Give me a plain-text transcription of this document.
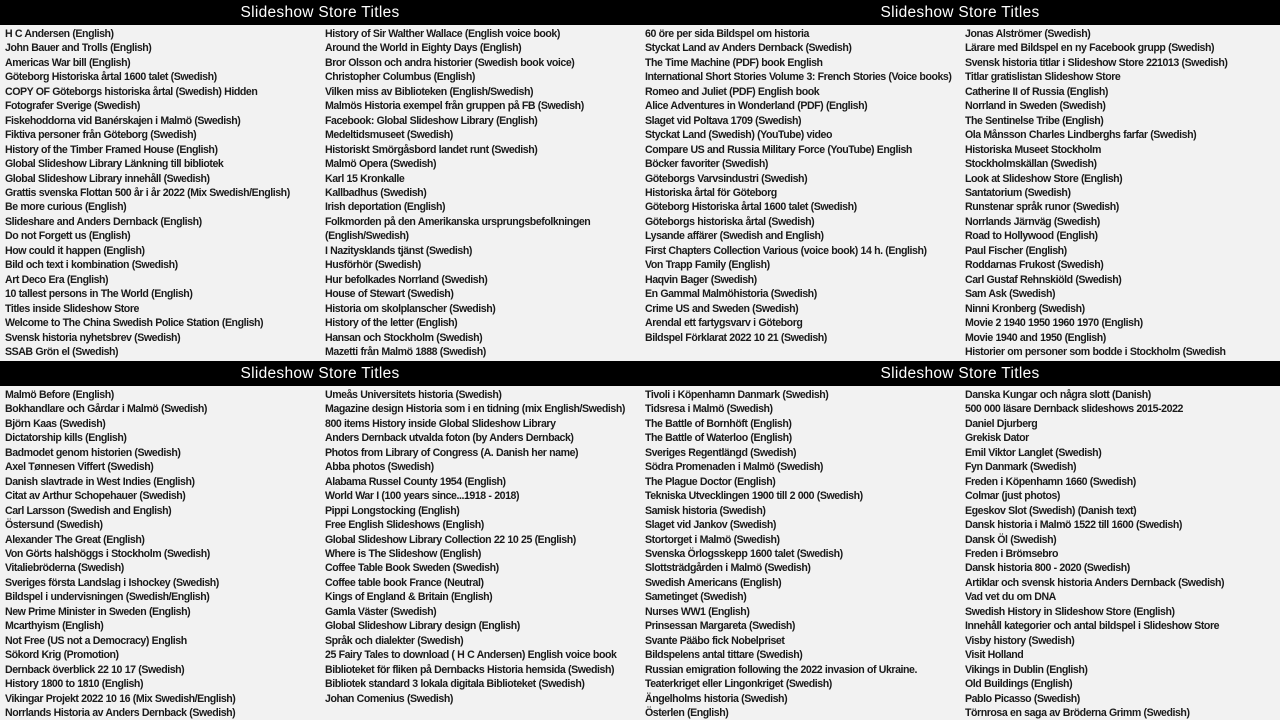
Slideshow Store Titles	Slideshow Store Titles
H C Andersen (English)
John Bauer and Trolls (English)
Americas War bill (English)
Göteborg Historiska årtal 1600 talet (Swedish)
COPY OF Göteborgs historiska årtal (Swedish) Hidden
Fotografer Sverige (Swedish)
Fiskehoddorna vid Banérskajen i Malmö (Swedish)
Fiktiva personer från Göteborg (Swedish)
History of the Timber Framed House (English)
Global Slideshow Library Länkning till bibliotek
Global Slideshow Library innehåll (Swedish)
Grattis svenska Flottan 500 år i år 2022 (Mix Swedish/English)
Be more curious (English)
Slideshare and Anders Dernback (English)
Do not Forgett us (English)
How could it happen (English)
Bild och text i kombination (Swedish)
Art Deco Era (English)
10 tallest persons in The World (English)
Titles inside Slideshow Store
Welcome to The China Swedish Police Station (English)
Svensk historia nyhetsbrev (Swedish)
SSAB Grön el (Swedish)
History of Sir Walther Wallace (English voice book)
Around the World in Eighty Days (English)
Bror Olsson och andra historier (Swedish book voice)
Christopher Columbus (English)
Vilken miss av Biblioteken (English/Swedish)
Malmös Historia exempel från gruppen på FB (Swedish)
Facebook: Global Slideshow Library (English)
Medeltidsmuseet (Swedish)
Historiskt Smörgåsbord landet runt (Swedish)
Malmö Opera (Swedish)
Karl 15 Kronkalle
Kallbadhus (Swedish)
Irish deportation (English)
Folkmorden på den Amerikanska ursprungsbefolkningen (English/Swedish)
I Nazitysklands tjänst (Swedish)
Husförhör (Swedish)
Hur befolkades Norrland (Swedish)
House of Stewart (Swedish)
Historia om skolplanscher (Swedish)
History of the letter (English)
Hansan och Stockholm (Swedish)
Mazetti från Malmö 1888 (Swedish)
60 öre per sida Bildspel om historia
Styckat Land av Anders Dernback (Swedish)
The Time Machine (PDF) book English
International Short Stories Volume 3: French Stories (Voice books)
Romeo and Juliet (PDF) English book
Alice Adventures in Wonderland (PDF) (English)
Slaget vid Poltava 1709 (Swedish)
Styckat Land (Swedish) (YouTube) video
Compare US and Russia Military Force (YouTube) English
Böcker favoriter (Swedish)
Göteborgs Varvsindustri (Swedish)
Historiska årtal för Göteborg
Göteborg Historiska årtal 1600 talet (Swedish)
Göteborgs historiska årtal (Swedish)
Lysande affärer (Swedish and English)
First Chapters Collection Various (voice book) 14 h. (English)
Von Trapp Family (English)
Haqvin Bager (Swedish)
En Gammal Malmöhistoria (Swedish)
Crime US and Sweden (Swedish)
Arendal ett fartygsvarv i Göteborg
Bildspel Förklarat 2022 10 21 (Swedish)
Jonas Alströmer (Swedish)
Lärare med Bildspel en ny Facebook grupp (Swedish)
Svensk historia titlar i Slideshow Store 221013 (Swedish)
Titlar gratislistan Slideshow Store
Catherine II of Russia (English)
Norrland in Sweden (Swedish)
The Sentinelse Tribe (English)
Ola Månsson Charles Lindberghs farfar (Swedish)
Historiska Museet Stockholm
Stockholmskällan (Swedish)
Look at Slideshow Store (English)
Santatorium (Swedish)
Runstenar språk runor (Swedish)
Norrlands Järnväg (Swedish)
Road to Hollywood (English)
Paul Fischer (English)
Roddarnas Frukost (Swedish)
Carl Gustaf Rehnskiöld (Swedish)
Sam Ask (Swedish)
Ninni Kronberg (Swedish)
Movie 2 1940 1950 1960 1970 (English)
Movie 1940 and 1950 (English)
Historier om personer som bodde i Stockholm (Swedish
Slideshow Store Titles	Slideshow Store Titles
Malmö Before (English)
Bokhandlare och Gårdar i Malmö (Swedish)
Björn Kaas (Swedish)
Dictatorship kills (English)
Badmodet genom historien (Swedish)
Axel Tønnesen Viffert (Swedish)
Danish slavtrade in West Indies (English)
Citat av Arthur Schopehauer (Swedish)
Carl Larsson (Swedish and English)
Östersund (Swedish)
Alexander The Great (English)
Von Görts halshöggs i Stockholm (Swedish)
Vitaliebröderna (Swedish)
Sveriges första Landslag i Ishockey (Swedish)
Bildspel i undervisningen (Swedish/English)
New Prime Minister in Sweden (English)
Mcarthyism (English)
Not Free (US not a Democracy) English
Sökord Krig (Promotion)
Dernback överblick 22 10 17 (Swedish)
History 1800 to 1810 (English)
Vikingar Projekt 2022 10 16 (Mix Swedish/English)
Norrlands Historia av Anders Dernback (Swedish)
Umeås Universitets historia (Swedish)
Magazine design Historia som i en tidning (mix English/Swedish)
800 items History inside Global Slideshow Library
Anders Dernback utvalda foton (by Anders Dernback)
Photos from Library of Congress (A. Danish her name)
Abba photos (Swedish)
Alabama Russel County 1954 (English)
World War I (100 years since...1918 - 2018)
Pippi Longstocking (English)
Free English Slideshows (English)
Global Slideshow Library Collection 22 10 25 (English)
Where is The Slideshow (English)
Coffee Table Book Sweden (Swedish)
Coffee table book France (Neutral)
Kings of England & Britain (English)
Gamla Väster (Swedish)
Global Slideshow Library design (English)
Språk och dialekter (Swedish)
25 Fairy Tales to download ( H C Andersen) English voice book
Biblioteket för fliken på Dernbacks Historia hemsida (Swedish)
Bibliotek standard 3 lokala digitala Biblioteket (Swedish)
Johan Comenius (Swedish)
Tivoli i Köpenhamn Danmark (Swedish)
Tidsresa i Malmö (Swedish)
The Battle of Bornhöft (English)
The Battle of Waterloo (English)
Sveriges Regentlängd (Swedish)
Södra Promenaden i Malmö (Swedish)
The Plague Doctor (English)
Tekniska Utvecklingen 1900 till 2 000 (Swedish)
Samisk historia (Swedish)
Slaget vid Jankov (Swedish)
Stortorget i Malmö (Swedish)
Svenska Örlogsskepp 1600 talet (Swedish)
Slottsträdgården i Malmö (Swedish)
Swedish Americans (English)
Sametinget (Swedish)
Nurses WW1 (English)
Prinsessan Margareta (Swedish)
Svante Pääbo fick Nobelpriset
Bildspelens antal tittare (Swedish)
Russian emigration following the 2022 invasion of Ukraine.
Teaterkriget eller Lingonkriget (Swedish)
Ängelholms historia (Swedish)
Österlen (English)
Danska Kungar och några slott (Danish)
500 000 läsare Dernback slideshows 2015-2022
Daniel Djurberg
Grekisk Dator
Emil Viktor Langlet (Swedish)
Fyn Danmark (Swedish)
Freden i Köpenhamn 1660 (Swedish)
Colmar (just photos)
Egeskov Slot (Swedish) (Danish text)
Dansk historia i Malmö 1522 till 1600 (Swedish)
Dansk Öl (Swedish)
Freden i Brömsebro
Dansk historia 800 - 2020 (Swedish)
Artiklar och svensk historia Anders Dernback (Swedish)
Vad vet du om DNA
Swedish History in Slideshow Store (English)
Innehåll kategorier och antal bildspel i Slideshow Store
Visby history (Swedish)
Visit Holland
Vikings in Dublin (English)
Old Buildings (English)
Pablo Picasso (Swedish)
Törnrosa en saga av Bröderna Grimm (Swedish)
